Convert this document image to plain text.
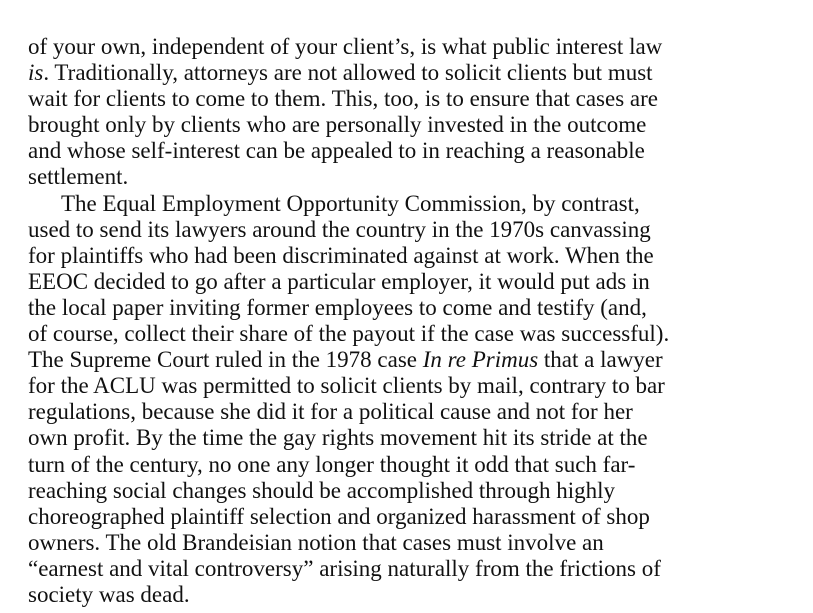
of your own, independent of your client’s, is what public interest law
is. Traditionally, attorneys are not allowed to solicit clients but must
wait for clients to come to them. This, too, is to ensure that cases are
brought only by clients who are personally invested in the outcome
and whose self-interest can be appealed to in reaching a reasonable
settlement.
The Equal Employment Opportunity Commission, by contrast,
used to send its lawyers around the country in the 1970s canvassing
for plaintiffs who had been discriminated against at work. When the
EEOC decided to go after a particular employer, it would put ads in
the local paper inviting former employees to come and testify (and,
of course, collect their share of the payout if the case was successful).
The Supreme Court ruled in the 1978 case In re Primus that a lawyer
for the ACLU was permitted to solicit clients by mail, contrary to bar
regulations, because she did it for a political cause and not for her
own profit. By the time the gay rights movement hit its stride at the
turn of the century, no one any longer thought it odd that such far-
reaching social changes should be accomplished through highly
choreographed plaintiff selection and organized harassment of shop
owners. The old Brandeisian notion that cases must involve an
“earnest and vital controversy” arising naturally from the frictions of
society was dead.
